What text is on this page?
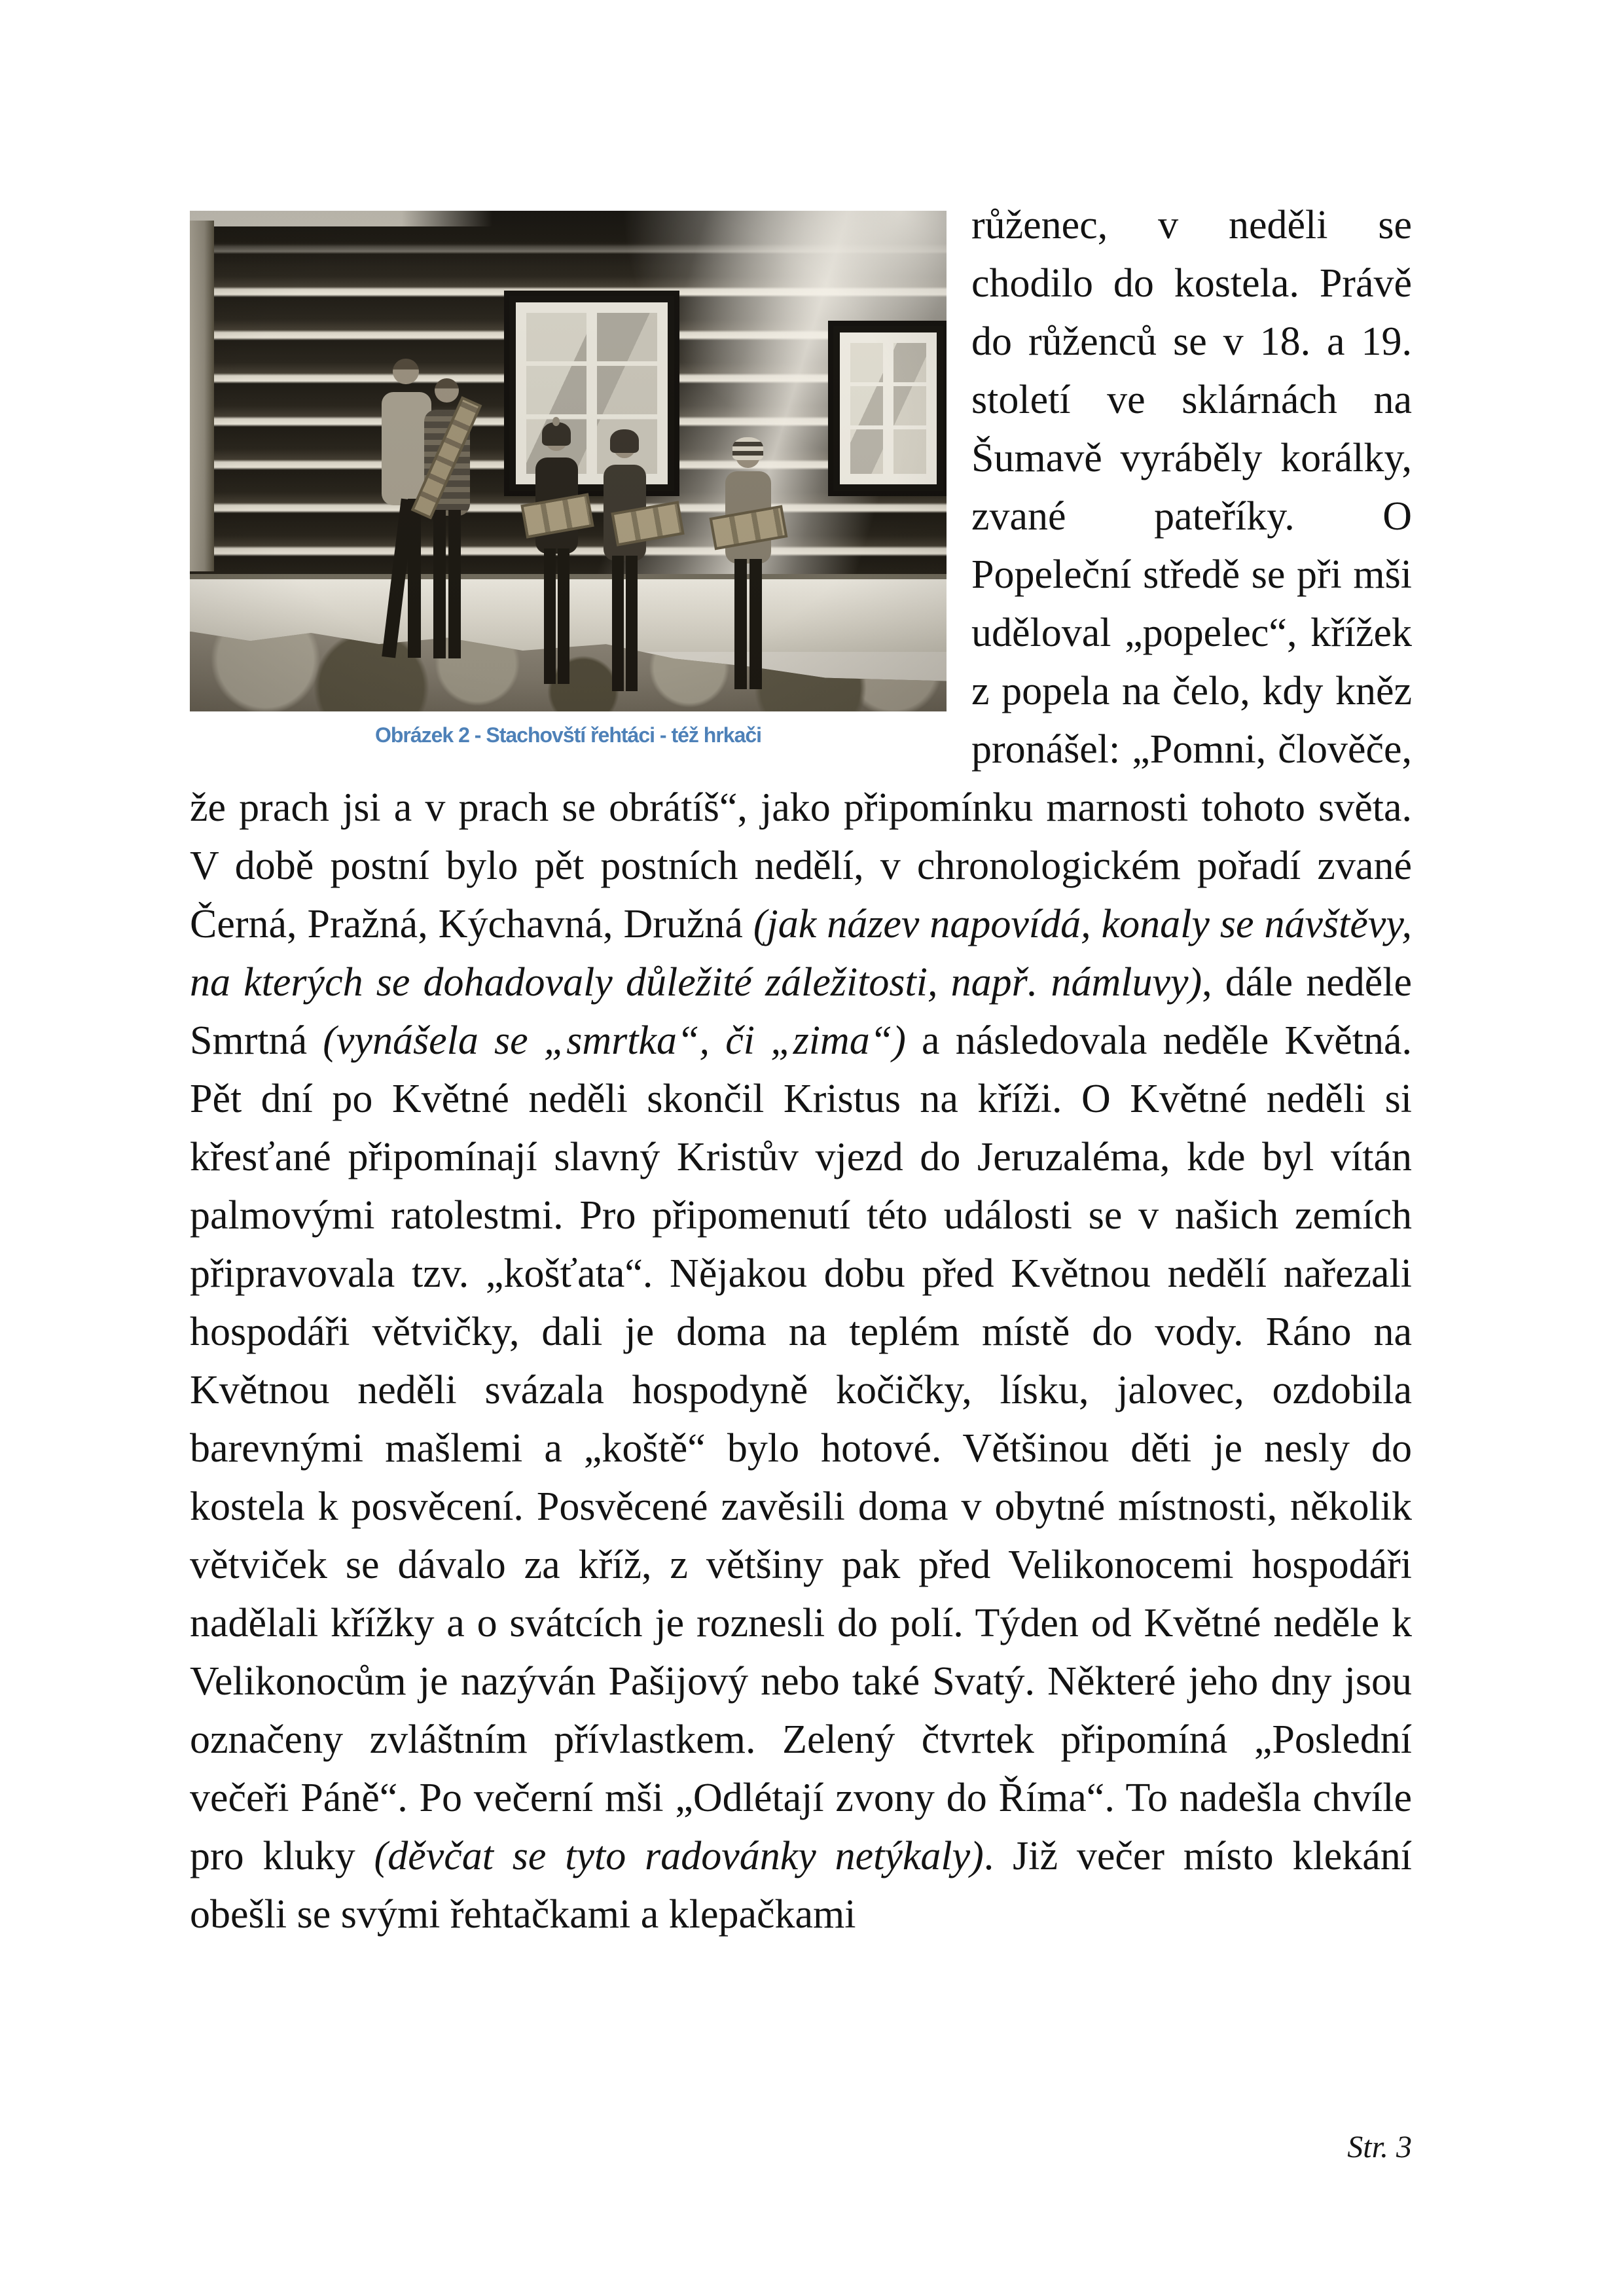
Obrázek 2 - Stachovští řehtáci - též hrkači

růženec, v neděli se chodilo do kostela. Právě do růženců se v 18. a 19. století ve sklárnách na Šumavě vyráběly korálky, zvané pateříky. O Popeleční středě se při mši uděloval „popelec“, křížek z popela na čelo, kdy kněz pronášel: „Pomni, člověče, že prach jsi a v prach se obrátíš“, jako připomínku marnosti tohoto světa. V době postní bylo pět postních nedělí, v chronologickém pořadí zvané Černá, Pražná, Kýchavná, Družná (jak název napovídá, konaly se návštěvy, na kterých se dohadovaly důležité záležitosti, např. námluvy), dále neděle Smrtná (vynášela se „smrtka“, či „zima“) a následovala neděle Květná. Pět dní po Květné neděli skončil Kristus na kříži. O Květné neděli si křesťané připomínají slavný Kristův vjezd do Jeruzaléma, kde byl vítán palmovými ratolestmi. Pro připomenutí této události se v našich zemích připravovala tzv. „košťata“. Nějakou dobu před Květnou nedělí nařezali hospodáři větvičky, dali je doma na teplém místě do vody. Ráno na Květnou neděli svázala hospodyně kočičky, lísku, jalovec, ozdobila barevnými mašlemi a „koště“ bylo hotové. Většinou děti je nesly do kostela k posvěcení. Posvěcené zavěsili doma v obytné místnosti, několik větviček se dávalo za kříž, z většiny pak před Velikonocemi hospodáři nadělali křížky a o svátcích je roznesli do polí. Týden od Květné neděle k Velikonocům je nazýván Pašijový nebo také Svatý. Některé jeho dny jsou označeny zvláštním přívlastkem. Zelený čtvrtek připomíná „Poslední večeři Páně“. Po večerní mši „Odlétají zvony do Říma“. To nadešla chvíle pro kluky (děvčat se tyto radovánky netýkaly). Již večer místo klekání obešli se svými řehtačkami a klepačkami

Str. 3
